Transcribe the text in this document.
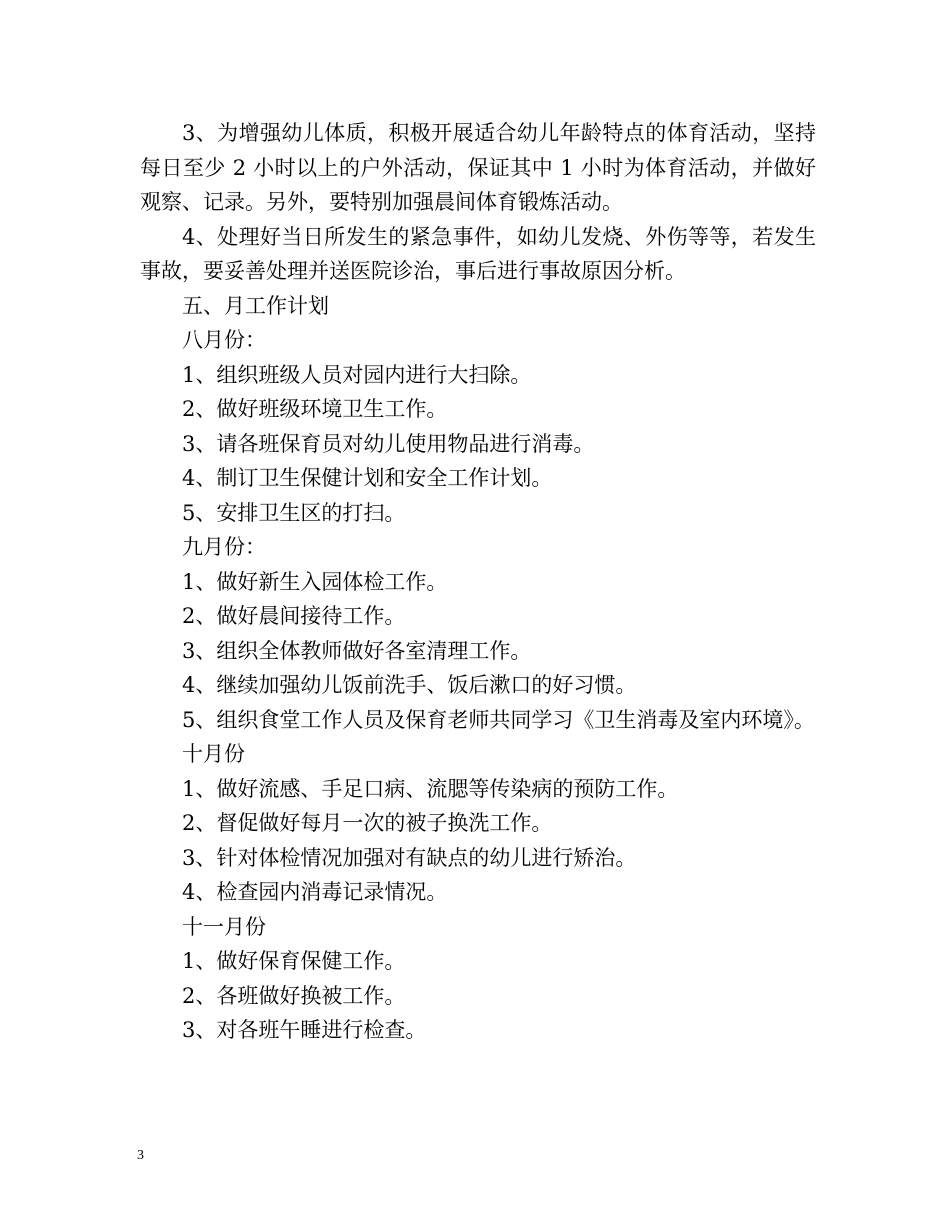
3、为增强幼儿体质，积极开展适合幼儿年龄特点的体育活动，坚持每日至少 2 小时以上的户外活动，保证其中 1 小时为体育活动，并做好观察、记录。另外，要特别加强晨间体育锻炼活动。

4、处理好当日所发生的紧急事件，如幼儿发烧、外伤等等，若发生事故，要妥善处理并送医院诊治，事后进行事故原因分析。

五、月工作计划

八月份：

1、组织班级人员对园内进行大扫除。

2、做好班级环境卫生工作。

3、请各班保育员对幼儿使用物品进行消毒。

4、制订卫生保健计划和安全工作计划。

5、安排卫生区的打扫。

九月份：

1、做好新生入园体检工作。

2、做好晨间接待工作。

3、组织全体教师做好各室清理工作。

4、继续加强幼儿饭前洗手、饭后漱口的好习惯。

5、组织食堂工作人员及保育老师共同学习《卫生消毒及室内环境》。

十月份

1、做好流感、手足口病、流腮等传染病的预防工作。

2、督促做好每月一次的被子换洗工作。

3、针对体检情况加强对有缺点的幼儿进行矫治。

4、检查园内消毒记录情况。

十一月份

1、做好保育保健工作。

2、各班做好换被工作。

3、对各班午睡进行检查。

3
